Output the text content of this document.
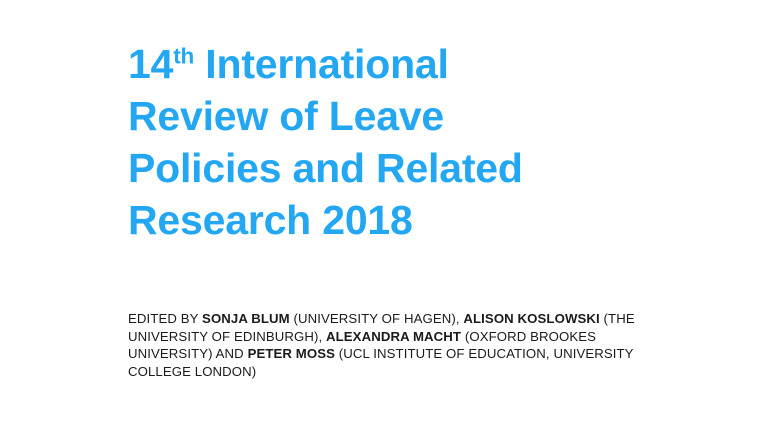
14th International
Review of Leave
Policies and Related
Research 2018

EDITED BY SONJA BLUM (UNIVERSITY OF HAGEN), ALISON KOSLOWSKI (THE UNIVERSITY OF EDINBURGH), ALEXANDRA MACHT (OXFORD BROOKES UNIVERSITY) AND PETER MOSS (UCL INSTITUTE OF EDUCATION, UNIVERSITY COLLEGE LONDON)
